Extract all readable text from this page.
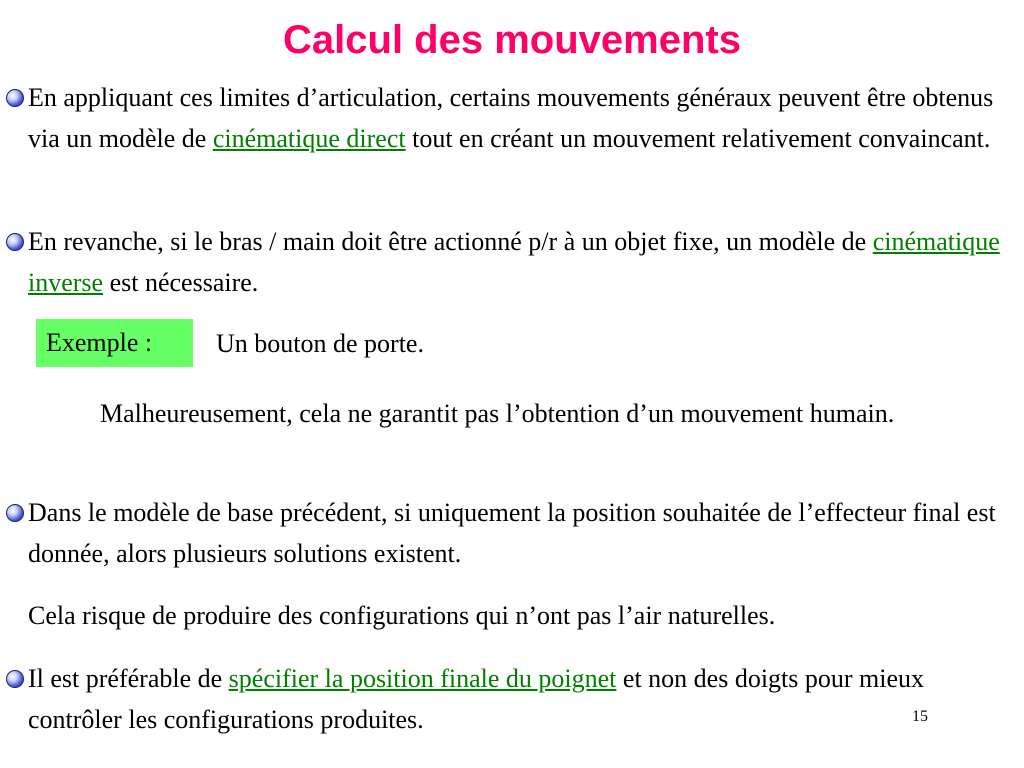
Calcul des mouvements

En appliquant ces limites d’articulation, certains mouvements généraux peuvent être obtenus via un modèle de cinématique direct tout en créant un mouvement relativement convaincant.

En revanche, si le bras / main doit être actionné p/r à un objet fixe, un modèle de cinématique inverse est nécessaire.

Exemple :	Un bouton de porte.
Malheureusement, cela ne garantit pas l’obtention d’un mouvement humain.

Dans le modèle de base précédent, si uniquement la position souhaitée de l’effecteur final est donnée, alors plusieurs solutions existent.

Cela risque de produire des configurations qui n’ont pas l’air naturelles.

Il est préférable de spécifier la position finale du poignet et non des doigts pour mieux contrôler les configurations produites.	15
